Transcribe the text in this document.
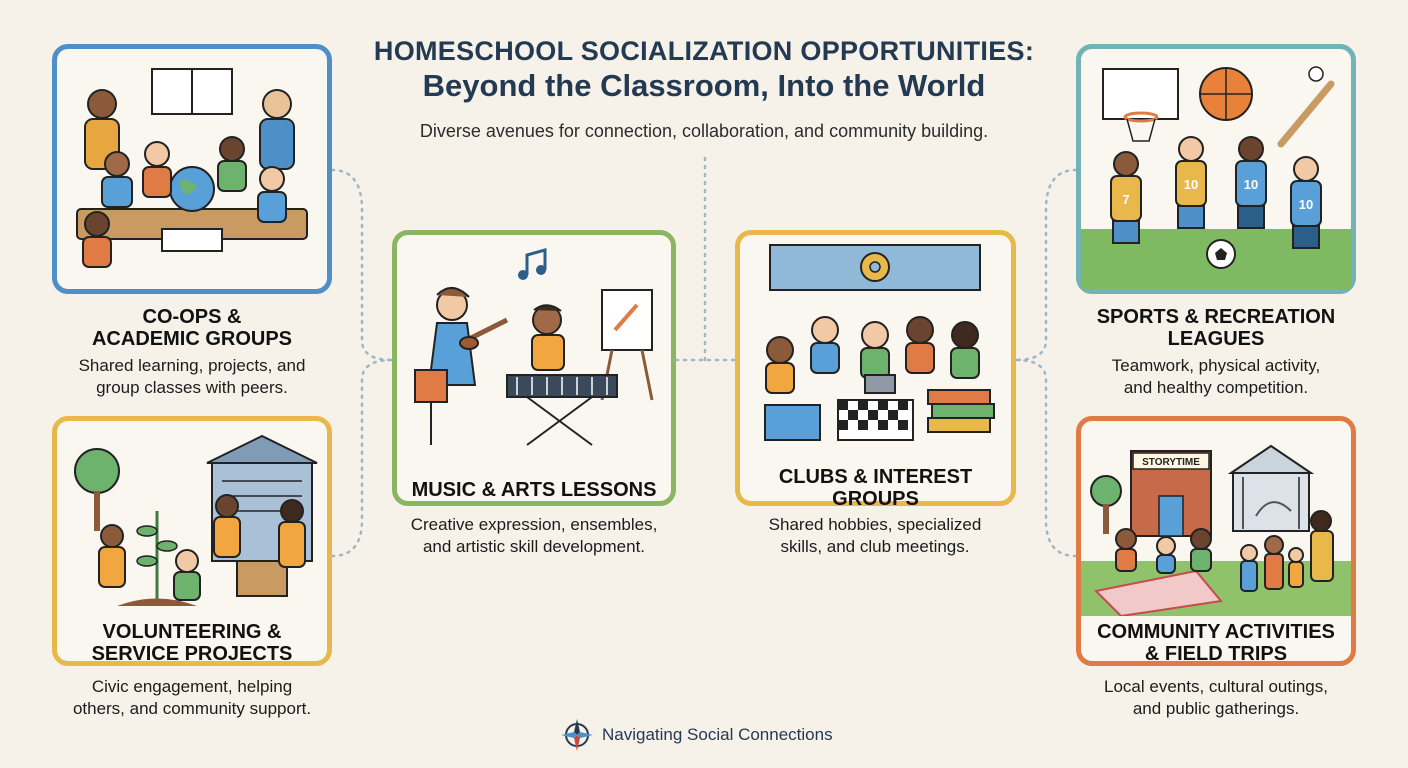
HOMESCHOOL SOCIALIZATION OPPORTUNITIES:
Beyond the Classroom, Into the World
Diverse avenues for connection, collaboration, and community building.
CO-OPS &
ACADEMIC GROUPS
Shared learning, projects, and
group classes with peers.
VOLUNTEERING &
SERVICE PROJECTS
Civic engagement, helping
others, and community support.
MUSIC & ARTS LESSONS
Creative expression, ensembles,
and artistic skill development.
CLUBS & INTEREST
GROUPS
Shared hobbies, specialized
skills, and club meetings.
7
10	10
10
SPORTS & RECREATION
LEAGUES
Teamwork, physical activity,
and healthy competition.
STORYTIME
COMMUNITY ACTIVITIES
& FIELD TRIPS
Local events, cultural outings,
and public gatherings.
Navigating Social Connections
